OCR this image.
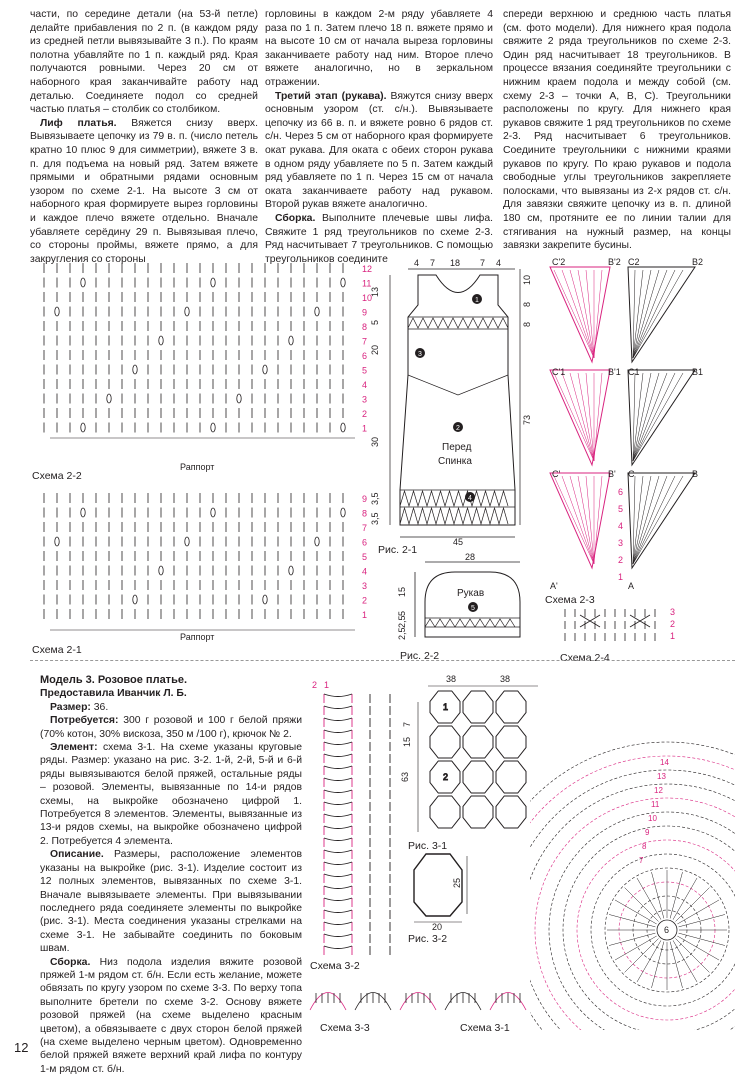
части, по середине детали (на 53-й петле) делайте прибавления по 2 п. (в каждом ряду из средней петли вывязывайте 3 п.). По краям полотна убавляйте по 1 п. каждый ряд. Края получаются ровными. Через 20 см от наборного края заканчивайте работу над деталью. Соединяете подол со средней частью платья – столбик со столбиком.

Лиф платья. Вяжется снизу вверх. Вывязываете цепочку из 79 в. п. (число петель кратно 10 плюс 9 для симметрии), вяжете 3 в. п. для подъема на новый ряд. Затем вяжете прямыми и обратными рядами основным узором по схеме 2-1. На высоте 3 см от наборного края формируете вырез горловины и каждое плечо вяжете отдельно. Вначале убавляете серёдину 29 п. Вывязывая плечо, со стороны проймы, вяжете прямо, а для закругления со стороны

горловины в каждом 2-м ряду убавляете 4 раза по 1 п. Затем плечо 18 п. вяжете прямо и на высоте 10 см от начала выреза горловины заканчиваете работу над ним. Второе плечо вяжете аналогично, но в зеркальном отражении.

Третий этап (рукава). Вяжутся снизу вверх основным узором (ст. с/н.). Вывязываете цепочку из 66 в. п. и вяжете ровно 6 рядов ст. с/н. Через 5 см от наборного края формируете окат рукава. Для оката с обеих сторон рукава в одном ряду убавляете по 5 п. Затем каждый ряд убавляете по 1 п. Через 15 см от начала оката заканчиваете работу над рукавом. Второй рукав вяжете аналогично.

Сборка. Выполните плечевые швы лифа. Свяжите 1 ряд треугольников по схеме 2-3. Ряд насчитывает 7 треугольников. С помощью треугольников соедините

спереди верхнюю и среднюю часть платья (см. фото модели). Для нижнего края подола свяжите 2 ряда треугольников по схеме 2-3. Один ряд насчитывает 18 треугольников. В процессе вязания соединяйте треугольники с нижним краем подола и между собой (см. схему 2-3 – точки A, B, C). Треугольники расположены по кругу. Для нижнего края рукавов свяжите 1 ряд треугольников по схеме 2-3. Ряд насчитывает 6 треугольников. Соедините треугольники с нижними краями рукавов по кругу. По краю рукавов и подола свободные углы треугольников закрепляете полосками, что вывязаны из 2-х рядов ст. с/н. Для завязки свяжите цепочку из в. п. длиной 180 см, протяните ее по линии талии для стягивания на нужный размер, на концы завязки закрепите бусины.

12
11
10
9
8
7
6
5
4
3
2
1
Схема 2-2
Раппорт
9
8
7
6
5
4
3
2
1
Схема 2-1
Раппорт
4 7 18 7 4
13
5
20
30
3,5
3,5
10
8
8
73
Перед
Спинка
45
1
3
2
4
Рис. 2-1
28
Рукав
15
5
2,5
2,5
5
Рис. 2-2
C'2	B'2 C2	B2
C'1	B'1 C1	B1
C'	B' C	B
A'	A
6
5
4
3
2
1
Схема 2-3
3
2
1
Схема 2-4

Модель 3. Розовое платье.

Предоставила Иванчик Л. Б.

Размер: 36.

Потребуется: 300 г розовой и 100 г белой пряжи (70% котон, 30% вискоза, 350 м /100 г), крючок № 2.

Элемент: схема 3-1. На схеме указаны круговые ряды. Размер: указано на рис. 3-2. 1-й, 2-й, 5-й и 6-й ряды вывязываются белой пряжей, остальные ряды – розовой. Элементы, вывязанные по 14-и рядов схемы, на выкройке обозначено цифрой 1. Потребуется 8 элементов. Элементы, вывязанные из 13-и рядов схемы, на выкройке обозначено цифрой 2. Потребуется 4 элемента.

Описание. Размеры, расположение элементов указаны на выкройке (рис. 3-1). Изделие состоит из 12 полных элементов, вывязанных по схеме 3-1. Вначале вывязываете элементы. При вывязывании последнего ряда соединяете элементы по выкройке (рис. 3-1). Места соединения указаны стрелками на схеме 3-1. Не забывайте соединить по боковым швам.

Сборка. Низ подола изделия вяжите розовой пряжей 1-м рядом ст. б/н. Если есть желание, можете обвязать по кругу узором по схеме 3-3. По верху топа выполните бретели по схеме 3-2. Основу вяжете розовой пряжей (на схеме выделено красным цветом), а обвязываете с двух сторон белой пряжей (на схеме выделено черным цветом). Одновременно белой пряжей вяжете верхний край лифа по контуру 1-м рядом ст. б/н.

2 1
Схема 3-2
38	38
7
15
63
1
2
Рис. 3-1
25
20
Рис. 3-2
14
13
12
11
10
9
8
7
6
Схема 3-3	Схема 3-1
12
